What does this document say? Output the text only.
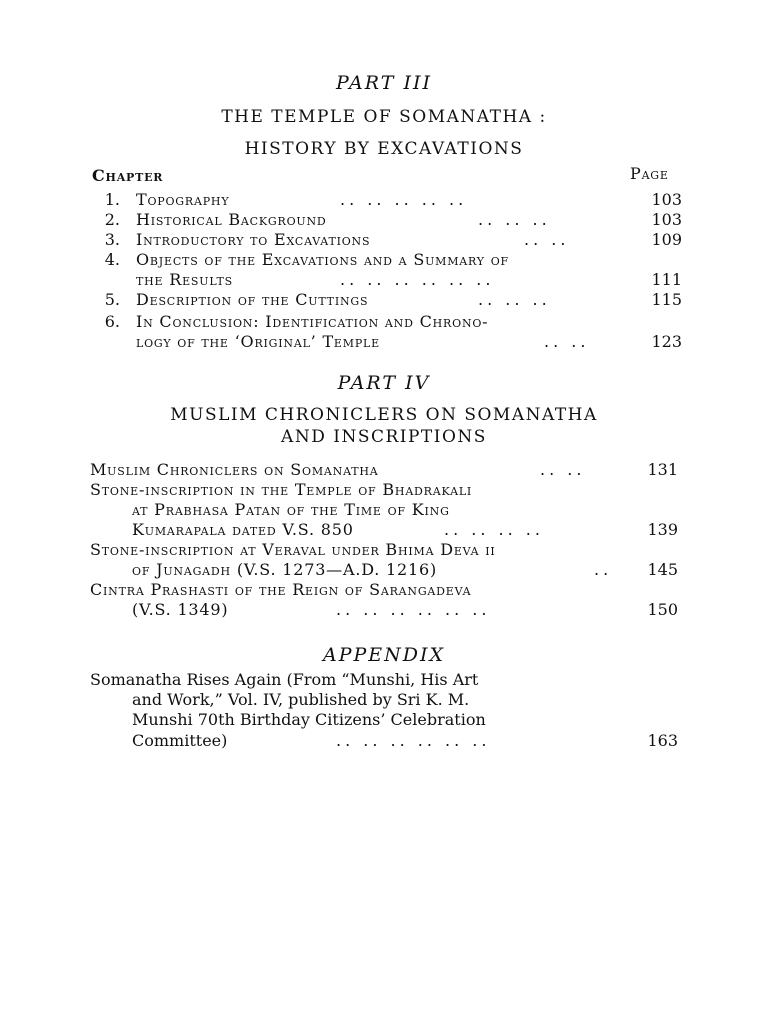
PART III
THE TEMPLE OF SOMANATHA :
HISTORY BY EXCAVATIONS
Chapter	Page
1. Topography	.. .. .. .. ..	103
2. Historical Background	.. .. ..	103
3. Introductory to Excavations	.. ..	109
4. Objects of the Excavations and a Summary of
the Results	.. .. .. .. .. ..	111
5. Description of the Cuttings	.. .. ..	115
6. In Conclusion: Identification and Chrono-
logy of the ‘Original’ Temple	.. ..	123
PART IV
MUSLIM CHRONICLERS ON SOMANATHA
AND INSCRIPTIONS
Muslim Chroniclers on Somanatha	.. ..	131
Stone-inscription in the Temple of Bhadrakali
at Prabhasa Patan of the Time of King
Kumarapala dated V.S. 850	.. .. .. ..	139
Stone-inscription at Veraval under Bhima Deva ii
of Junagadh (V.S. 1273—A.D. 1216)	..	145
Cintra Prashasti of the Reign of Sarangadeva
(V.S. 1349)	.. .. .. .. .. ..	150
APPENDIX
Somanatha Rises Again (From “Munshi, His Art
and Work,” Vol. IV, published by Sri K. M.
Munshi 70th Birthday Citizens’ Celebration
Committee)	.. .. .. .. .. ..	163
